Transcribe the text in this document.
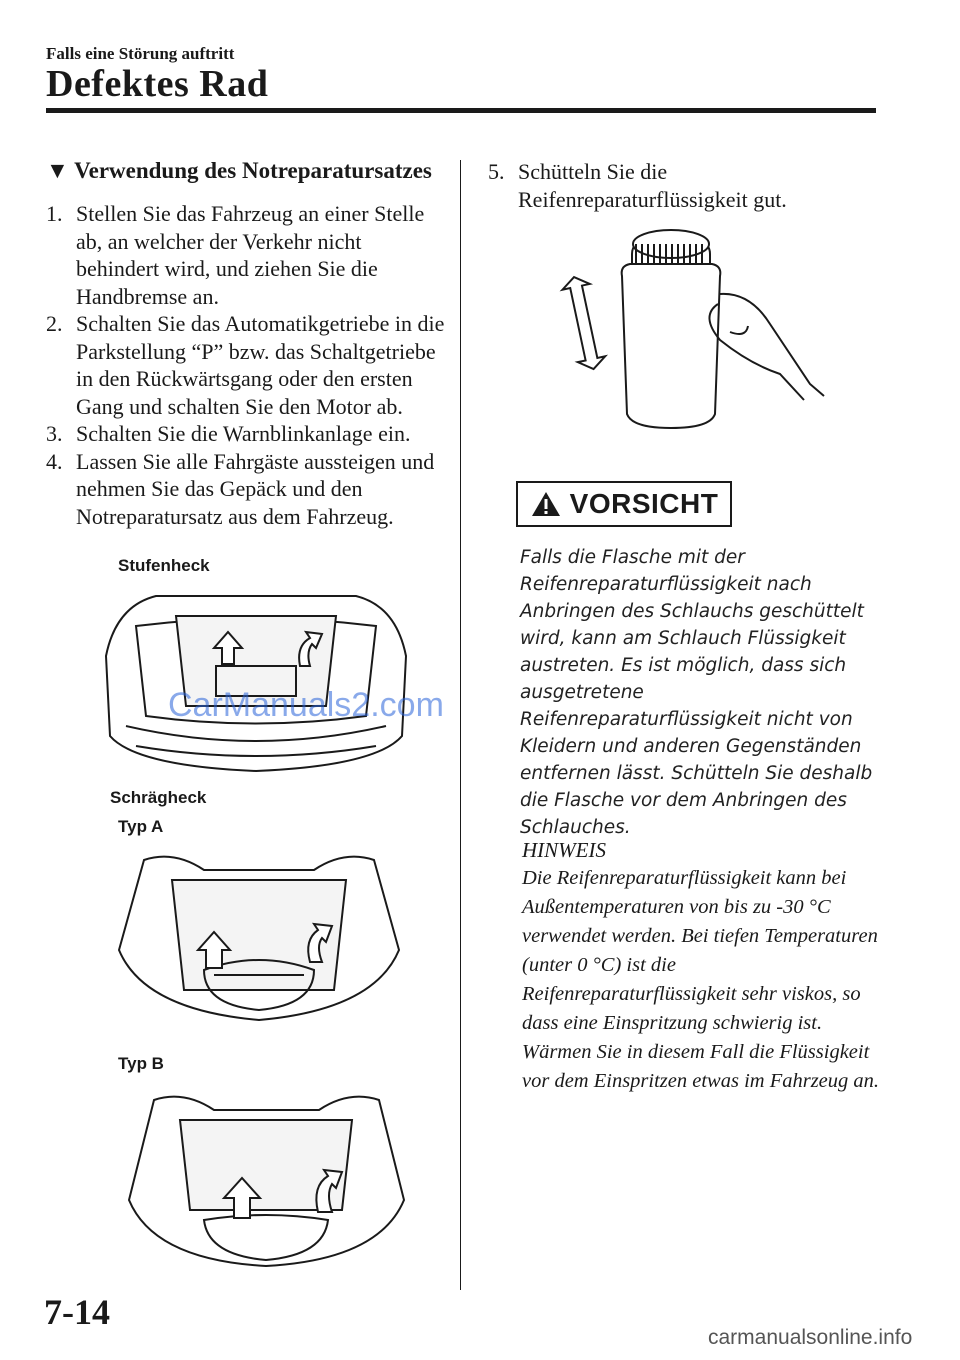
Falls eine Störung auftritt
Defektes Rad
▼ Verwendung des Notreparatursatzes
1. Stellen Sie das Fahrzeug an einer Stelle ab, an welcher der Verkehr nicht behindert wird, und ziehen Sie die Handbremse an.
2. Schalten Sie das Automatikgetriebe in die Parkstellung “P” bzw. das Schaltgetriebe in den Rückwärtsgang oder den ersten Gang und schalten Sie den Motor ab.
3. Schalten Sie die Warnblinkanlage ein.
4. Lassen Sie alle Fahrgäste aussteigen und nehmen Sie das Gepäck und den Notreparatursatz aus dem Fahrzeug.
Stufenheck
CarManuals2.com
Schrägheck
Typ A
Typ B
5. Schütteln Sie die Reifenreparaturflüssigkeit gut.
VORSICHT
Falls die Flasche mit der Reifenreparaturflüssigkeit nach Anbringen des Schlauchs geschüttelt wird, kann am Schlauch Flüssigkeit austreten. Es ist möglich, dass sich ausgetretene Reifenreparaturflüssigkeit nicht von Kleidern und anderen Gegenständen entfernen lässt. Schütteln Sie deshalb die Flasche vor dem Anbringen des Schlauches.
HINWEIS
Die Reifenreparaturflüssigkeit kann bei Außentemperaturen von bis zu -30 °C verwendet werden. Bei tiefen Temperaturen (unter 0 °C) ist die Reifenreparaturflüssigkeit sehr viskos, so dass eine Einspritzung schwierig ist. Wärmen Sie in diesem Fall die Flüssigkeit vor dem Einspritzen etwas im Fahrzeug an.
7-14
carmanualsonline.info
